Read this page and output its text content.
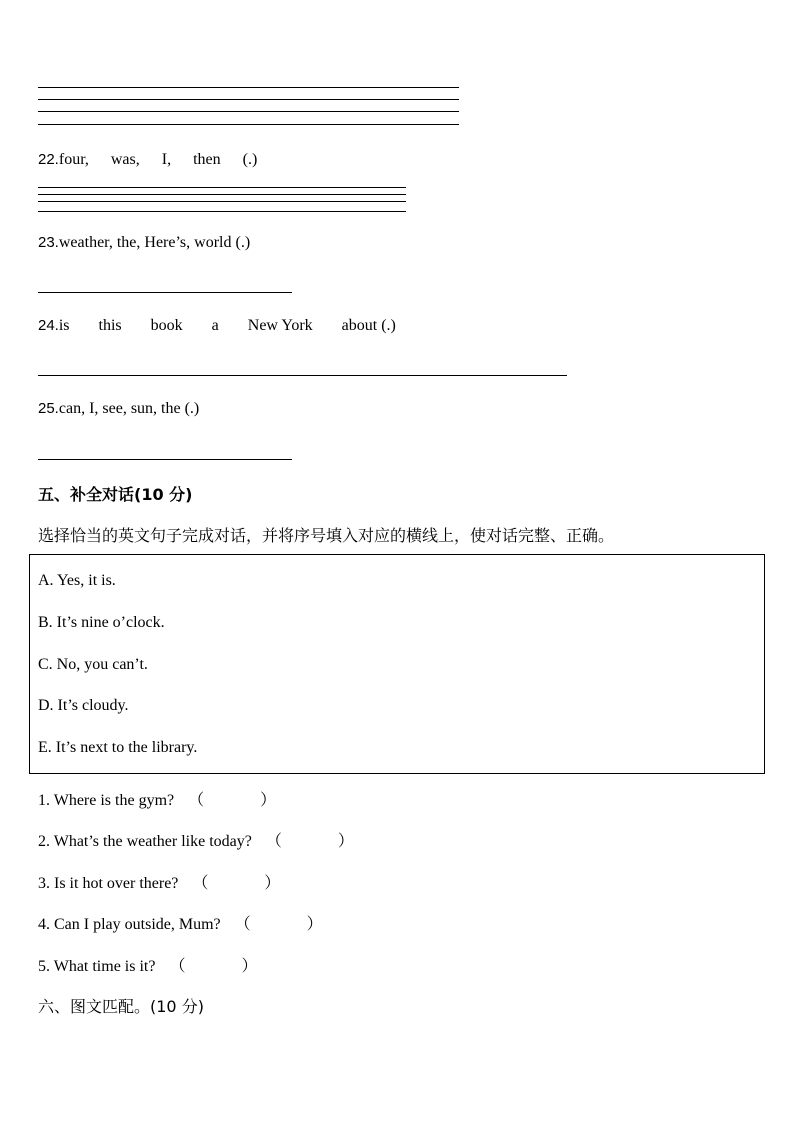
22.four, was, I, then (.)
23.weather, the, Here’s, world (.)
24.is this book a New York about (.)
25.can, I, see, sun, the (.)
五、补全对话(10 分)
选择恰当的英文句子完成对话，并将序号填入对应的横线上，使对话完整、正确。
A. Yes, it is.
B. It’s nine o’clock.
C. No, you can’t.
D. It’s cloudy.
E. It’s next to the library.
1. Where is the gym? （	）
2. What’s the weather like today? （	）
3. Is it hot over there? （	）
4. Can I play outside, Mum? （	）
5. What time is it? （	）
六、图文匹配。(10 分)
